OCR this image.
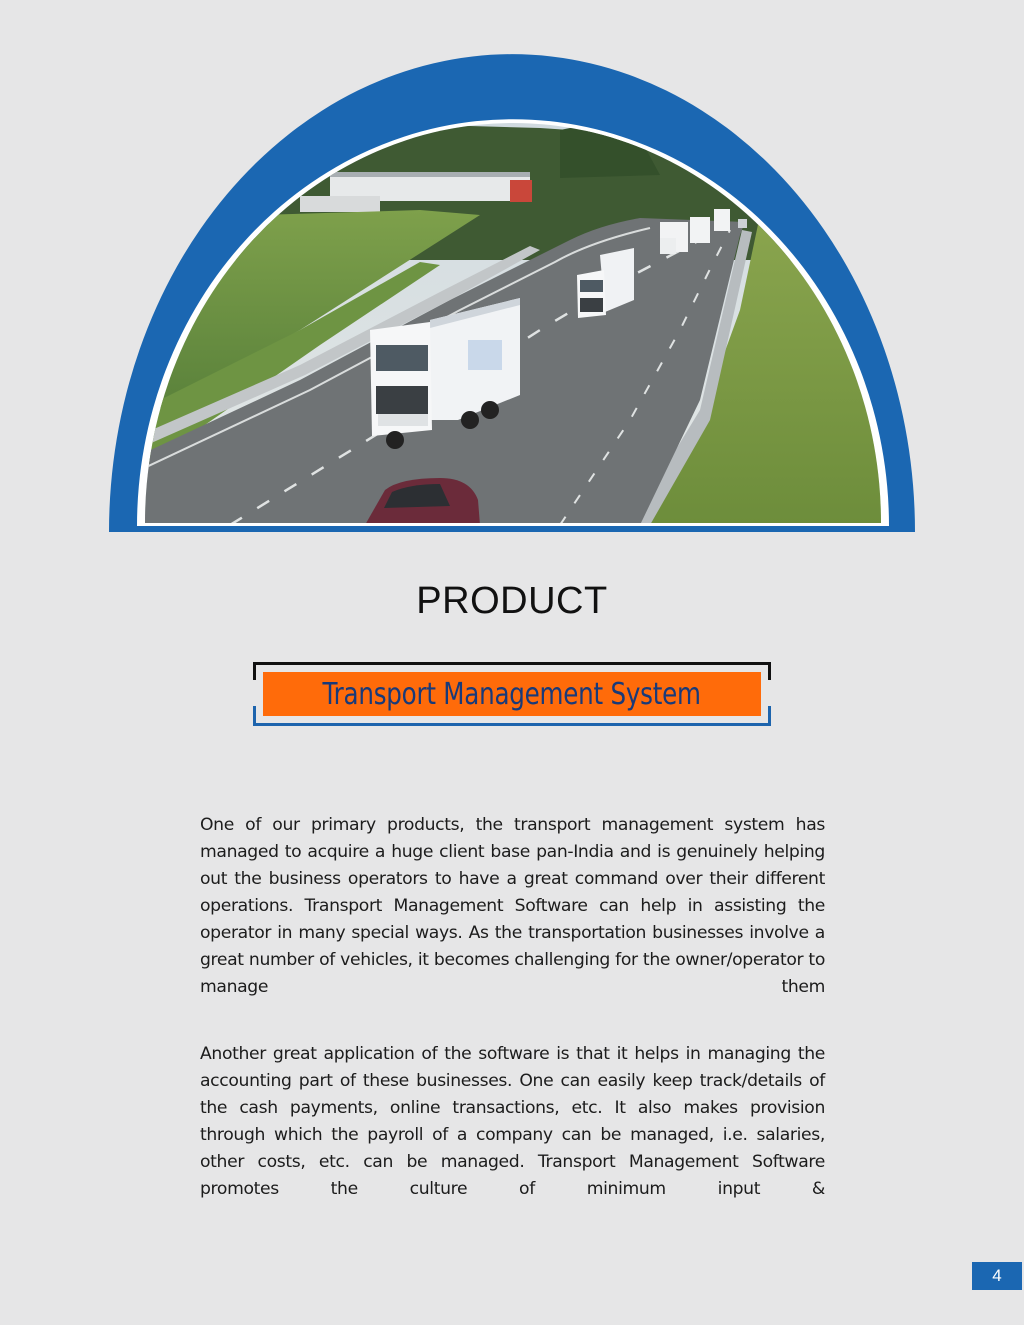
PRODUCT
Transport Management System

One of our primary products, the transport management system has managed to acquire a huge client base pan-India and is genuinely helping out the business operators to have a great command over their different operations. Transport Management Software can help in assisting the operator in many special ways. As the transportation businesses involve a great number of vehicles, it becomes challenging for the owner/operator to manage them

Another great application of the software is that it helps in managing the accounting part of these businesses. One can easily keep track/details of the cash payments, online transactions, etc. It also makes provision through which the payroll of a company can be managed, i.e. salaries, other costs, etc. can be managed. Transport Management Software promotes the culture of minimum input &

4
